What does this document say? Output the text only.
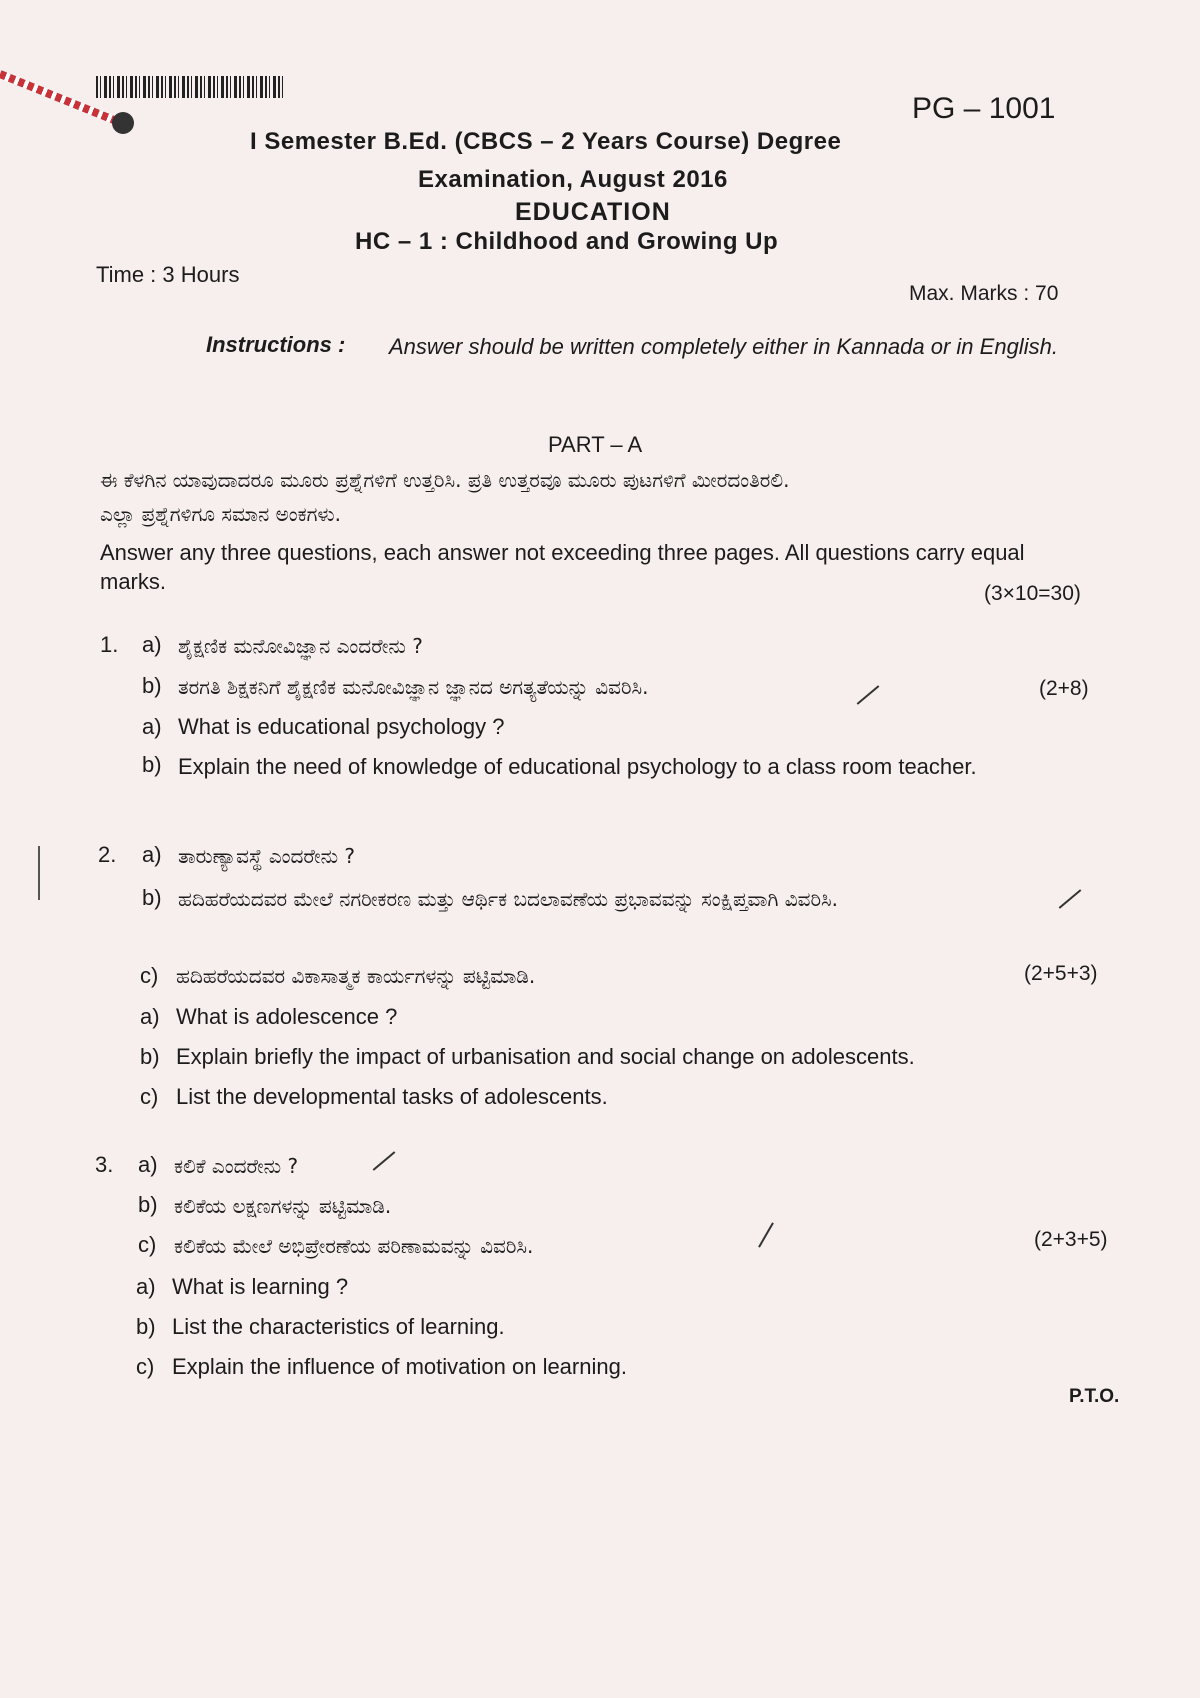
PG – 1001
I Semester B.Ed. (CBCS – 2 Years Course) Degree
Examination, August 2016
EDUCATION
HC – 1 : Childhood and Growing Up
Time : 3 Hours
Max. Marks : 70
Instructions : Answer should be written completely either in Kannada or in English.
PART – A
ಈ ಕೆಳಗಿನ ಯಾವುದಾದರೂ ಮೂರು ಪ್ರಶ್ನೆಗಳಿಗೆ ಉತ್ತರಿಸಿ. ಪ್ರತಿ ಉತ್ತರವೂ ಮೂರು ಪುಟಗಳಿಗೆ ಮೀರದಂತಿರಲಿ.
ಎಲ್ಲಾ ಪ್ರಶ್ನೆಗಳಿಗೂ ಸಮಾನ ಅಂಕಗಳು.
Answer any three questions, each answer not exceeding three pages. All questions carry equal marks.	(3×10=30)
1. a) ಶೈಕ್ಷಣಿಕ ಮನೋವಿಜ್ಞಾನ ಎಂದರೇನು ?
b) ತರಗತಿ ಶಿಕ್ಷಕನಿಗೆ ಶೈಕ್ಷಣಿಕ ಮನೋವಿಜ್ಞಾನ ಜ್ಞಾನದ ಅಗತ್ಯತೆಯನ್ನು ವಿವರಿಸಿ.	(2+8)
a) What is educational psychology ?
b) Explain the need of knowledge of educational psychology to a class room teacher.
2. a) ತಾರುಣ್ಯಾವಸ್ಥೆ ಎಂದರೇನು ?
b) ಹದಿಹರೆಯದವರ ಮೇಲೆ ನಗರೀಕರಣ ಮತ್ತು ಆರ್ಥಿಕ ಬದಲಾವಣೆಯ ಪ್ರಭಾವವನ್ನು ಸಂಕ್ಷಿಪ್ತವಾಗಿ ವಿವರಿಸಿ.
c) ಹದಿಹರೆಯದವರ ವಿಕಾಸಾತ್ಮಕ ಕಾರ್ಯಗಳನ್ನು ಪಟ್ಟಿಮಾಡಿ.	(2+5+3)
a) What is adolescence ?
b) Explain briefly the impact of urbanisation and social change on adolescents.
c) List the developmental tasks of adolescents.
3. a) ಕಲಿಕೆ ಎಂದರೇನು ?
b) ಕಲಿಕೆಯ ಲಕ್ಷಣಗಳನ್ನು ಪಟ್ಟಿಮಾಡಿ.
c) ಕಲಿಕೆಯ ಮೇಲೆ ಅಭಿಪ್ರೇರಣೆಯ ಪರಿಣಾಮವನ್ನು ವಿವರಿಸಿ.	(2+3+5)
a) What is learning ?
b) List the characteristics of learning.
c) Explain the influence of motivation on learning.
P.T.O.
